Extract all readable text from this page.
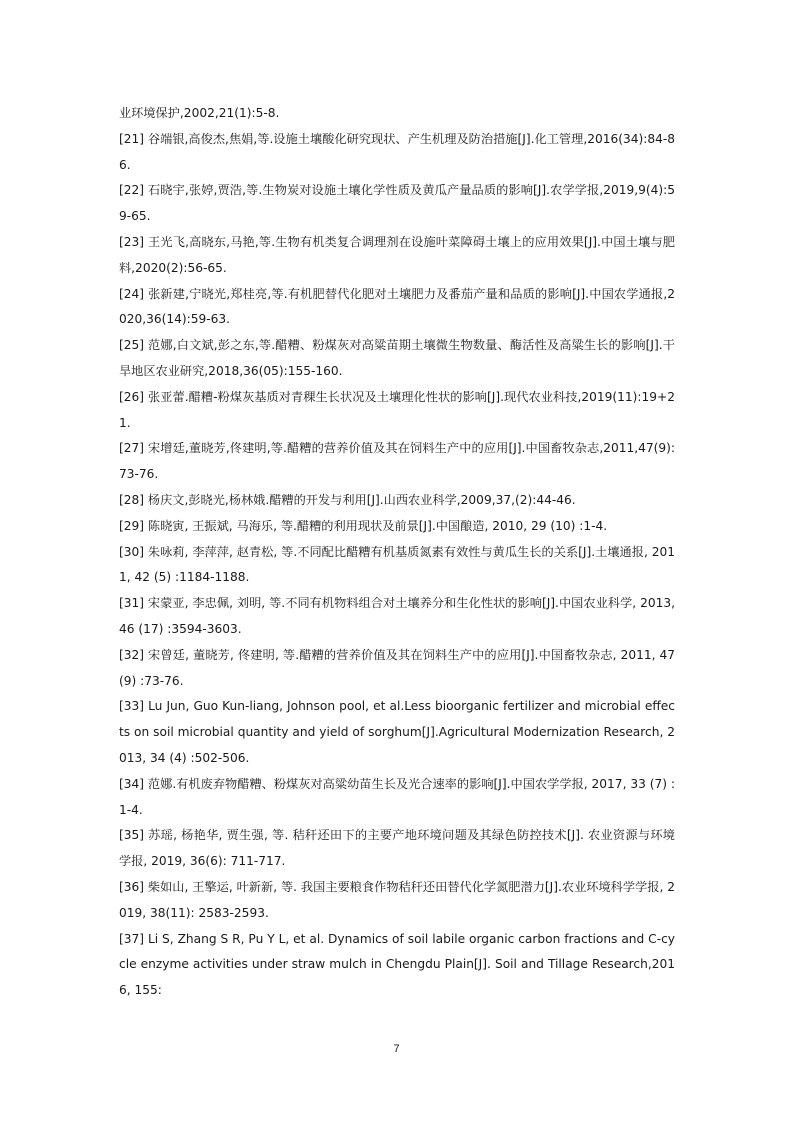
业环境保护,2002,21(1):5-8.

[21] 谷端银,高俊杰,焦娟,等.设施土壤酸化研究现状、产生机理及防治措施[J].化工管理,2016(34):84-86.

[22] 石晓宇,张婷,贾浩,等.生物炭对设施土壤化学性质及黄瓜产量品质的影响[J].农学学报,2019,9(4):59-65.

[23] 王光飞,高晓东,马艳,等.生物有机类复合调理剂在设施叶菜障碍土壤上的应用效果[J].中国土壤与肥料,2020(2):56-65.

[24] 张新建,宁晓光,郑桂亮,等.有机肥替代化肥对土壤肥力及番茄产量和品质的影响[J].中国农学通报,2020,36(14):59-63.

[25] 范娜,白文斌,彭之东,等.醋糟、粉煤灰对高粱苗期土壤微生物数量、酶活性及高粱生长的影响[J].干旱地区农业研究,2018,36(05):155-160.

[26] 张亚蕾.醋糟-粉煤灰基质对青稞生长状况及土壤理化性状的影响[J].现代农业科技,2019(11):19+21.

[27] 宋增廷,董晓芳,佟建明,等.醋糟的营养价值及其在饲料生产中的应用[J].中国畜牧杂志,2011,47(9):73-76.

[28] 杨庆文,彭晓光,杨林娥.醋糟的开发与利用[J].山西农业科学,2009,37,(2):44-46.

[29] 陈晓寅, 王振斌, 马海乐, 等.醋糟的利用现状及前景[J].中国酿造, 2010, 29 (10) :1-4.

[30] 朱咏莉, 李萍萍, 赵青松, 等.不同配比醋糟有机基质氮素有效性与黄瓜生长的关系[J].土壤通报, 2011, 42 (5) :1184-1188.

[31] 宋蒙亚, 李忠佩, 刘明, 等.不同有机物料组合对土壤养分和生化性状的影响[J].中国农业科学, 2013, 46 (17) :3594-3603.

[32] 宋曾廷, 董晓芳, 佟建明, 等.醋糟的营养价值及其在饲料生产中的应用[J].中国畜牧杂志, 2011, 47 (9) :73-76.

[33] Lu Jun, Guo Kun-liang, Johnson pool, et al.Less bioorganic fertilizer and microbial effects on soil microbial quantity and yield of sorghum[J].Agricultural Modernization Research, 2013, 34 (4) :502-506.

[34] 范娜.有机废弃物醋糟、粉煤灰对高粱幼苗生长及光合速率的影响[J].中国农学学报, 2017, 33 (7) :1-4.

[35] 苏瑶, 杨艳华, 贾生强, 等. 秸秆还田下的主要产地环境问题及其绿色防控技术[J]. 农业资源与环境学报, 2019, 36(6): 711-717.

[36] 柴如山, 王擎运, 叶新新, 等. 我国主要粮食作物秸秆还田替代化学氮肥潜力[J].农业环境科学学报, 2019, 38(11): 2583-2593.

[37] Li S, Zhang S R, Pu Y L, et al. Dynamics of soil labile organic carbon fractions and C-cycle enzyme activities under straw mulch in Chengdu Plain[J]. Soil and Tillage Research,2016, 155:

7
